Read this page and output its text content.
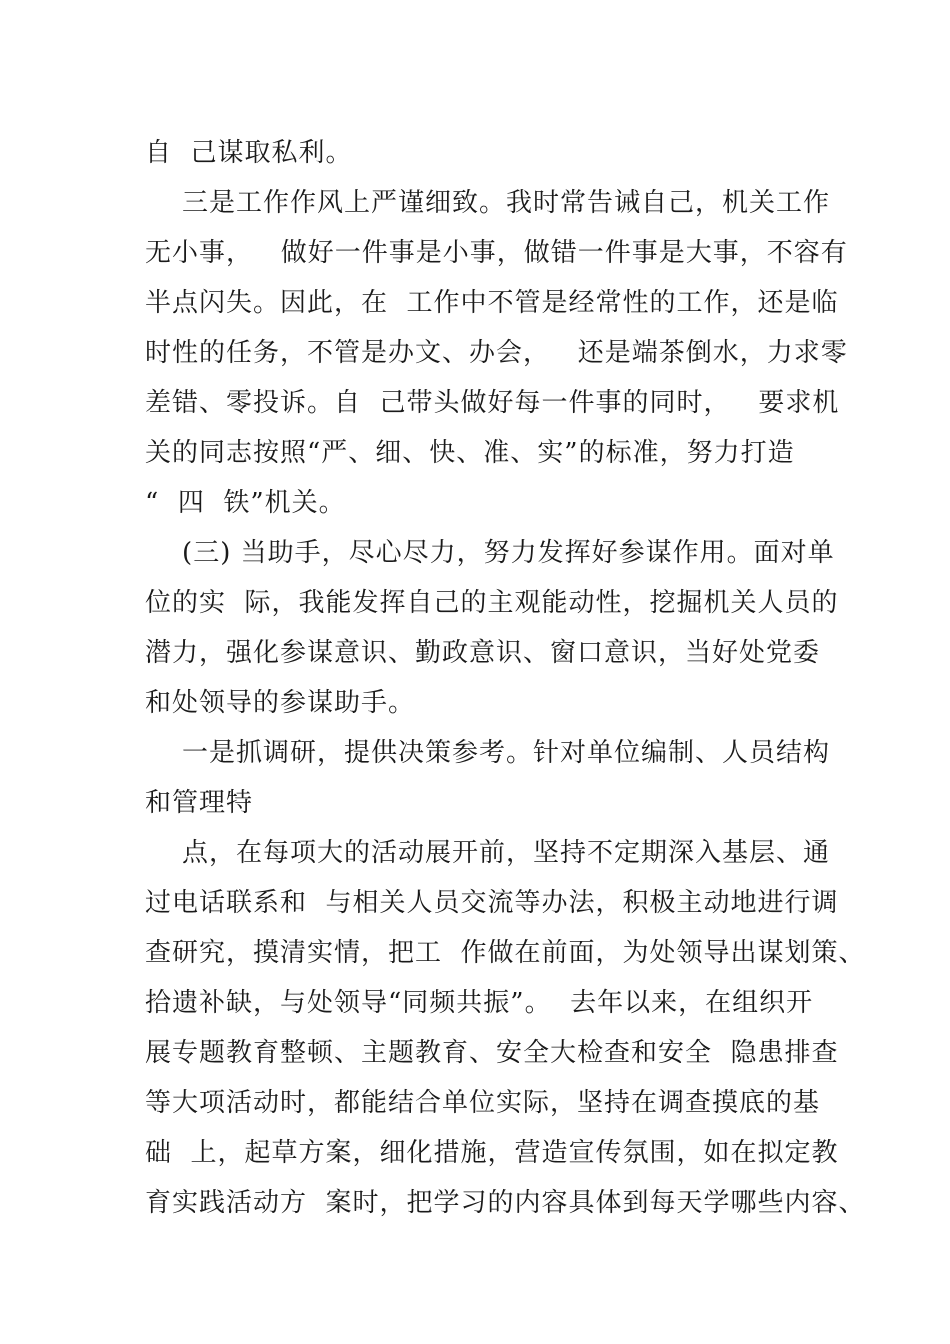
自  己谋取私利。
三是工作作风上严谨细致。我时常告诫自己，机关工作
无小事，   做好一件事是小事，做错一件事是大事，不容有
半点闪失。因此，在  工作中不管是经常性的工作，还是临
时性的任务，不管是办文、办会，   还是端茶倒水，力求零
差错、零投诉。自  己带头做好每一件事的同时，   要求机
关的同志按照“严、细、快、准、实”的标准，努力打造
“  四  铁”机关。
(三) 当助手，尽心尽力，努力发挥好参谋作用。面对单
位的实  际，我能发挥自己的主观能动性，挖掘机关人员的
潜力，强化参谋意识、勤政意识、窗口意识，当好处党委
和处领导的参谋助手。
一是抓调研，提供决策参考。针对单位编制、人员结构
和管理特
点，在每项大的活动展开前，坚持不定期深入基层、通
过电话联系和  与相关人员交流等办法，积极主动地进行调
查研究，摸清实情，把工  作做在前面，为处领导出谋划策、
拾遗补缺，与处领导“同频共振”。  去年以来，在组织开
展专题教育整顿、主题教育、安全大检查和安全  隐患排查
等大项活动时，都能结合单位实际，坚持在调查摸底的基
础  上，起草方案，细化措施，营造宣传氛围，如在拟定教
育实践活动方  案时，把学习的内容具体到每天学哪些内容、
